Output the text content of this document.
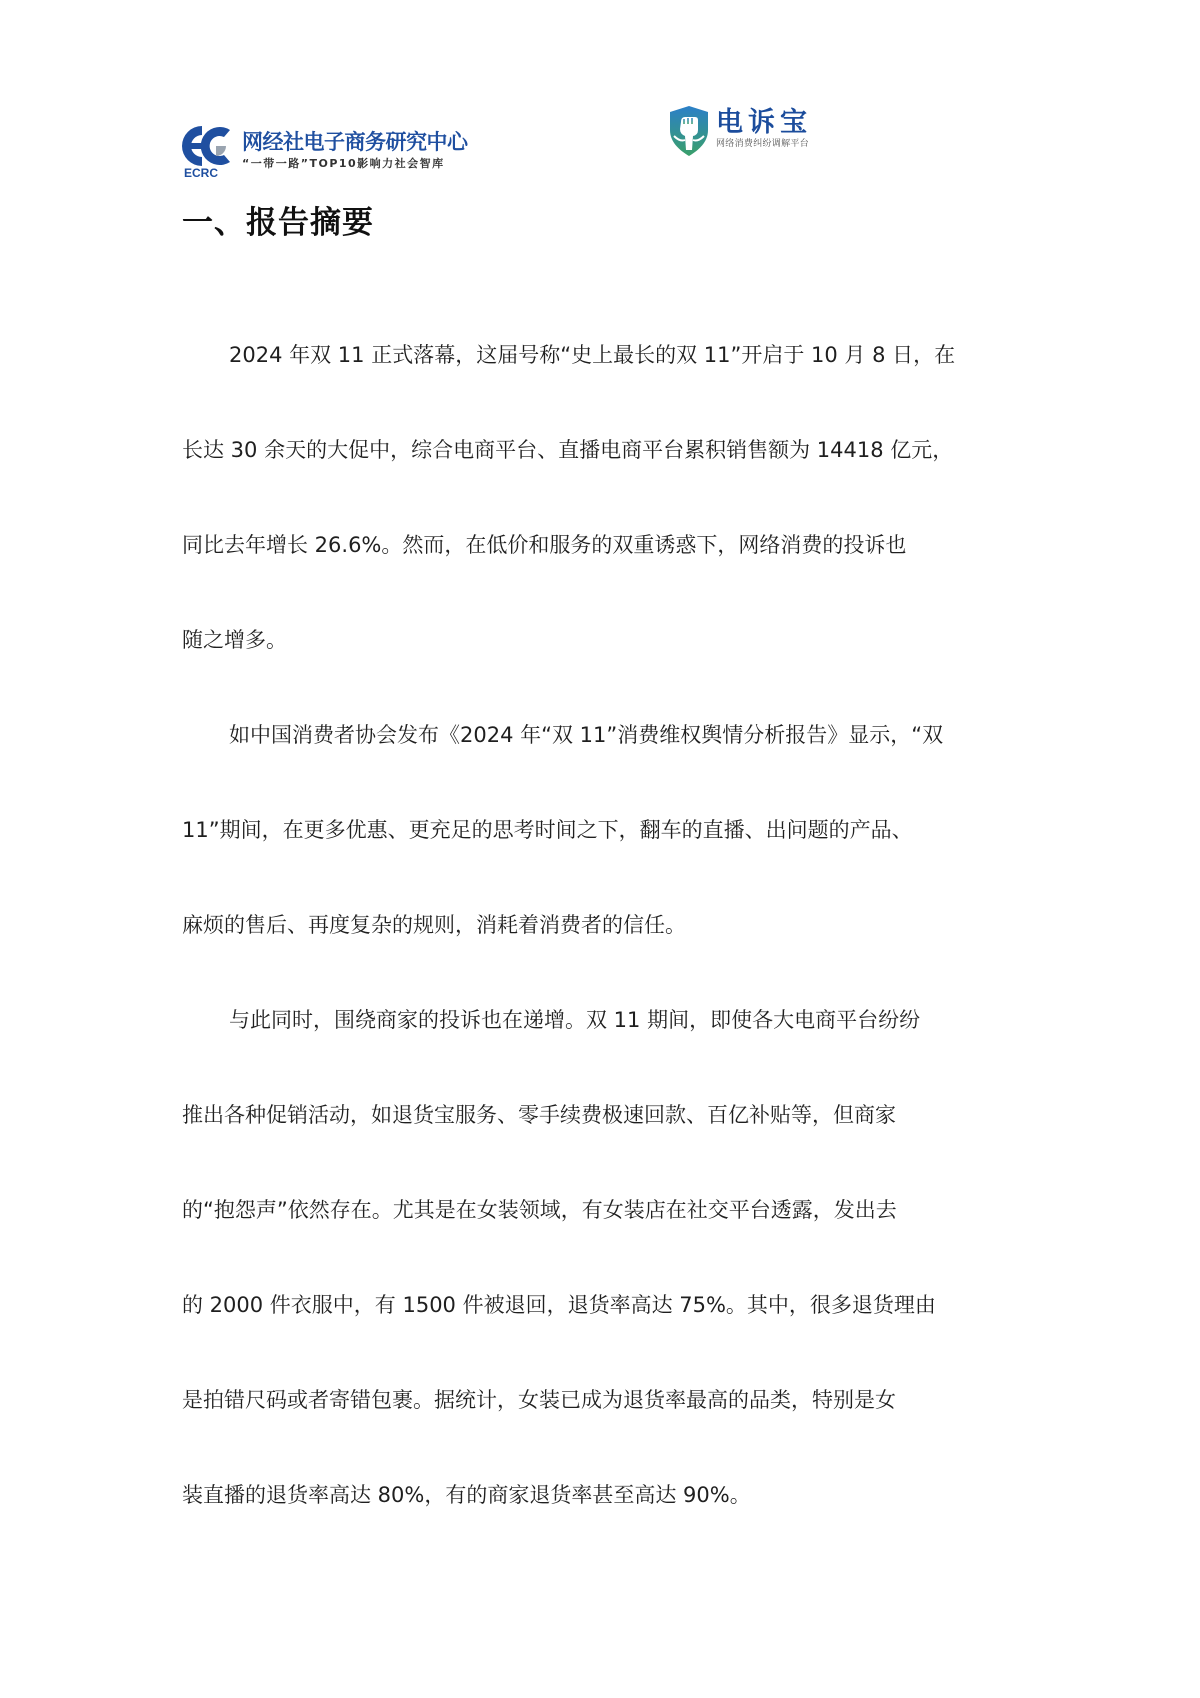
ECRC
网经社电子商务研究中心
“一带一路”TOP10影响力社会智库
电诉宝
网络消费纠纷调解平台
一、报告摘要
2024 年双 11 正式落幕，这届号称“史上最长的双 11”开启于 10 月 8 日，在
长达 30 余天的大促中，综合电商平台、直播电商平台累积销售额为 14418 亿元，
同比去年增长 26.6%。然而，在低价和服务的双重诱惑下，网络消费的投诉也
随之增多。
如中国消费者协会发布《2024 年“双 11”消费维权舆情分析报告》显示，“双
11”期间，在更多优惠、更充足的思考时间之下，翻车的直播、出问题的产品、
麻烦的售后、再度复杂的规则，消耗着消费者的信任。
与此同时，围绕商家的投诉也在递增。双 11 期间，即使各大电商平台纷纷
推出各种促销活动，如退货宝服务、零手续费极速回款、百亿补贴等，但商家
的“抱怨声”依然存在。尤其是在女装领域，有女装店在社交平台透露，发出去
的 2000 件衣服中，有 1500 件被退回，退货率高达 75%。其中，很多退货理由
是拍错尺码或者寄错包裹。据统计，女装已成为退货率最高的品类，特别是女
装直播的退货率高达 80%，有的商家退货率甚至高达 90%。
